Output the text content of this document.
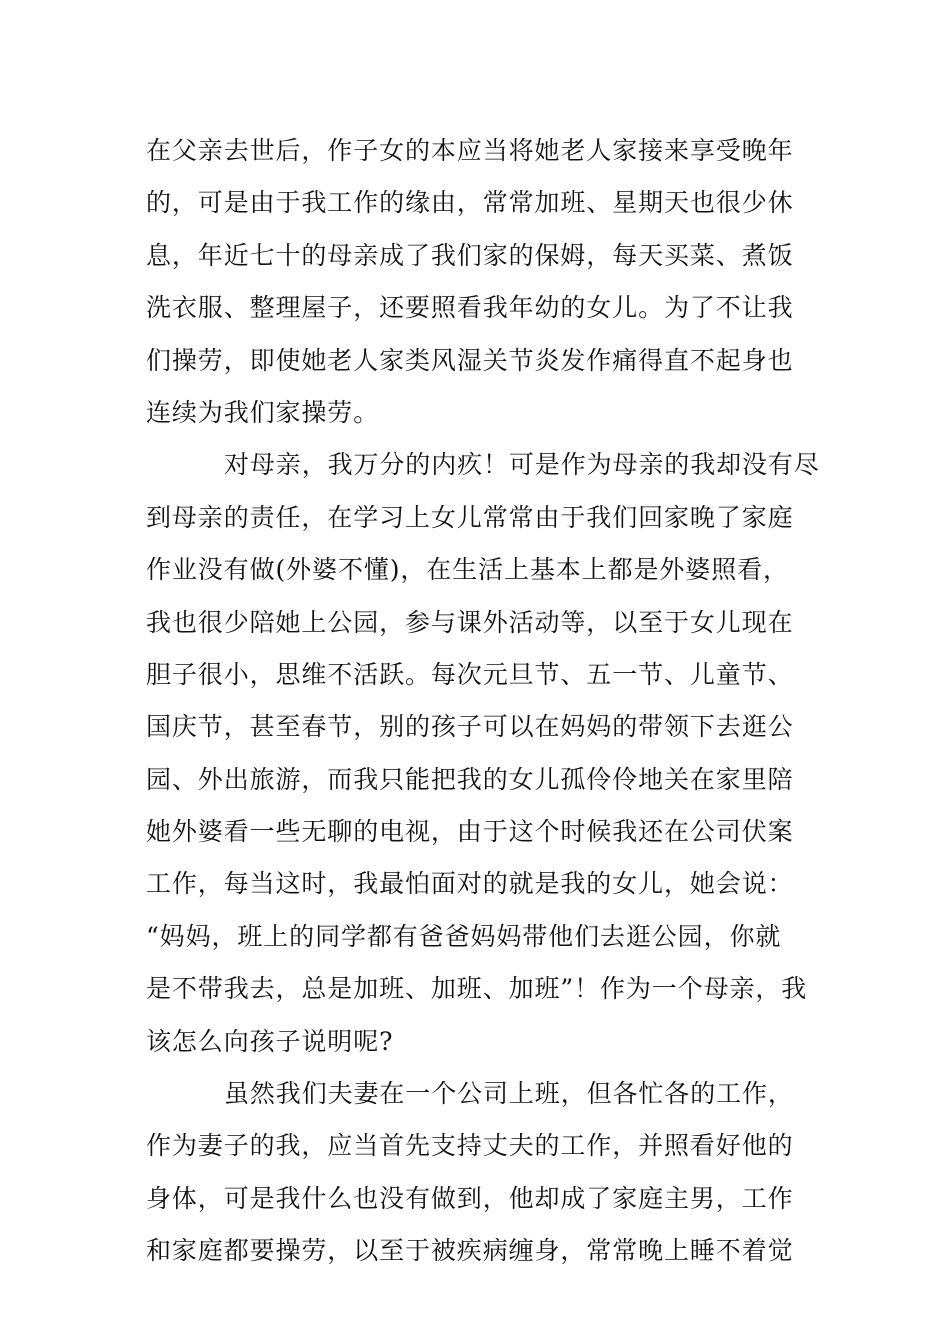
在父亲去世后，作子女的本应当将她老人家接来享受晚年
的，可是由于我工作的缘由，常常加班、星期天也很少休
息，年近七十的母亲成了我们家的保姆，每天买菜、煮饭
洗衣服、整理屋子，还要照看我年幼的女儿。为了不让我
们操劳，即使她老人家类风湿关节炎发作痛得直不起身也
连续为我们家操劳。
对母亲，我万分的内疚！可是作为母亲的我却没有尽
到母亲的责任，在学习上女儿常常由于我们回家晚了家庭
作业没有做(外婆不懂)，在生活上基本上都是外婆照看，
我也很少陪她上公园，参与课外活动等，以至于女儿现在
胆子很小，思维不活跃。每次元旦节、五一节、儿童节、
国庆节，甚至春节，别的孩子可以在妈妈的带领下去逛公
园、外出旅游，而我只能把我的女儿孤伶伶地关在家里陪
她外婆看一些无聊的电视，由于这个时候我还在公司伏案
工作，每当这时，我最怕面对的就是我的女儿，她会说：
“妈妈，班上的同学都有爸爸妈妈带他们去逛公园，你就
是不带我去，总是加班、加班、加班”！作为一个母亲，我
该怎么向孩子说明呢?
虽然我们夫妻在一个公司上班，但各忙各的工作，
作为妻子的我，应当首先支持丈夫的工作，并照看好他的
身体，可是我什么也没有做到，他却成了家庭主男，工作
和家庭都要操劳，以至于被疾病缠身，常常晚上睡不着觉
